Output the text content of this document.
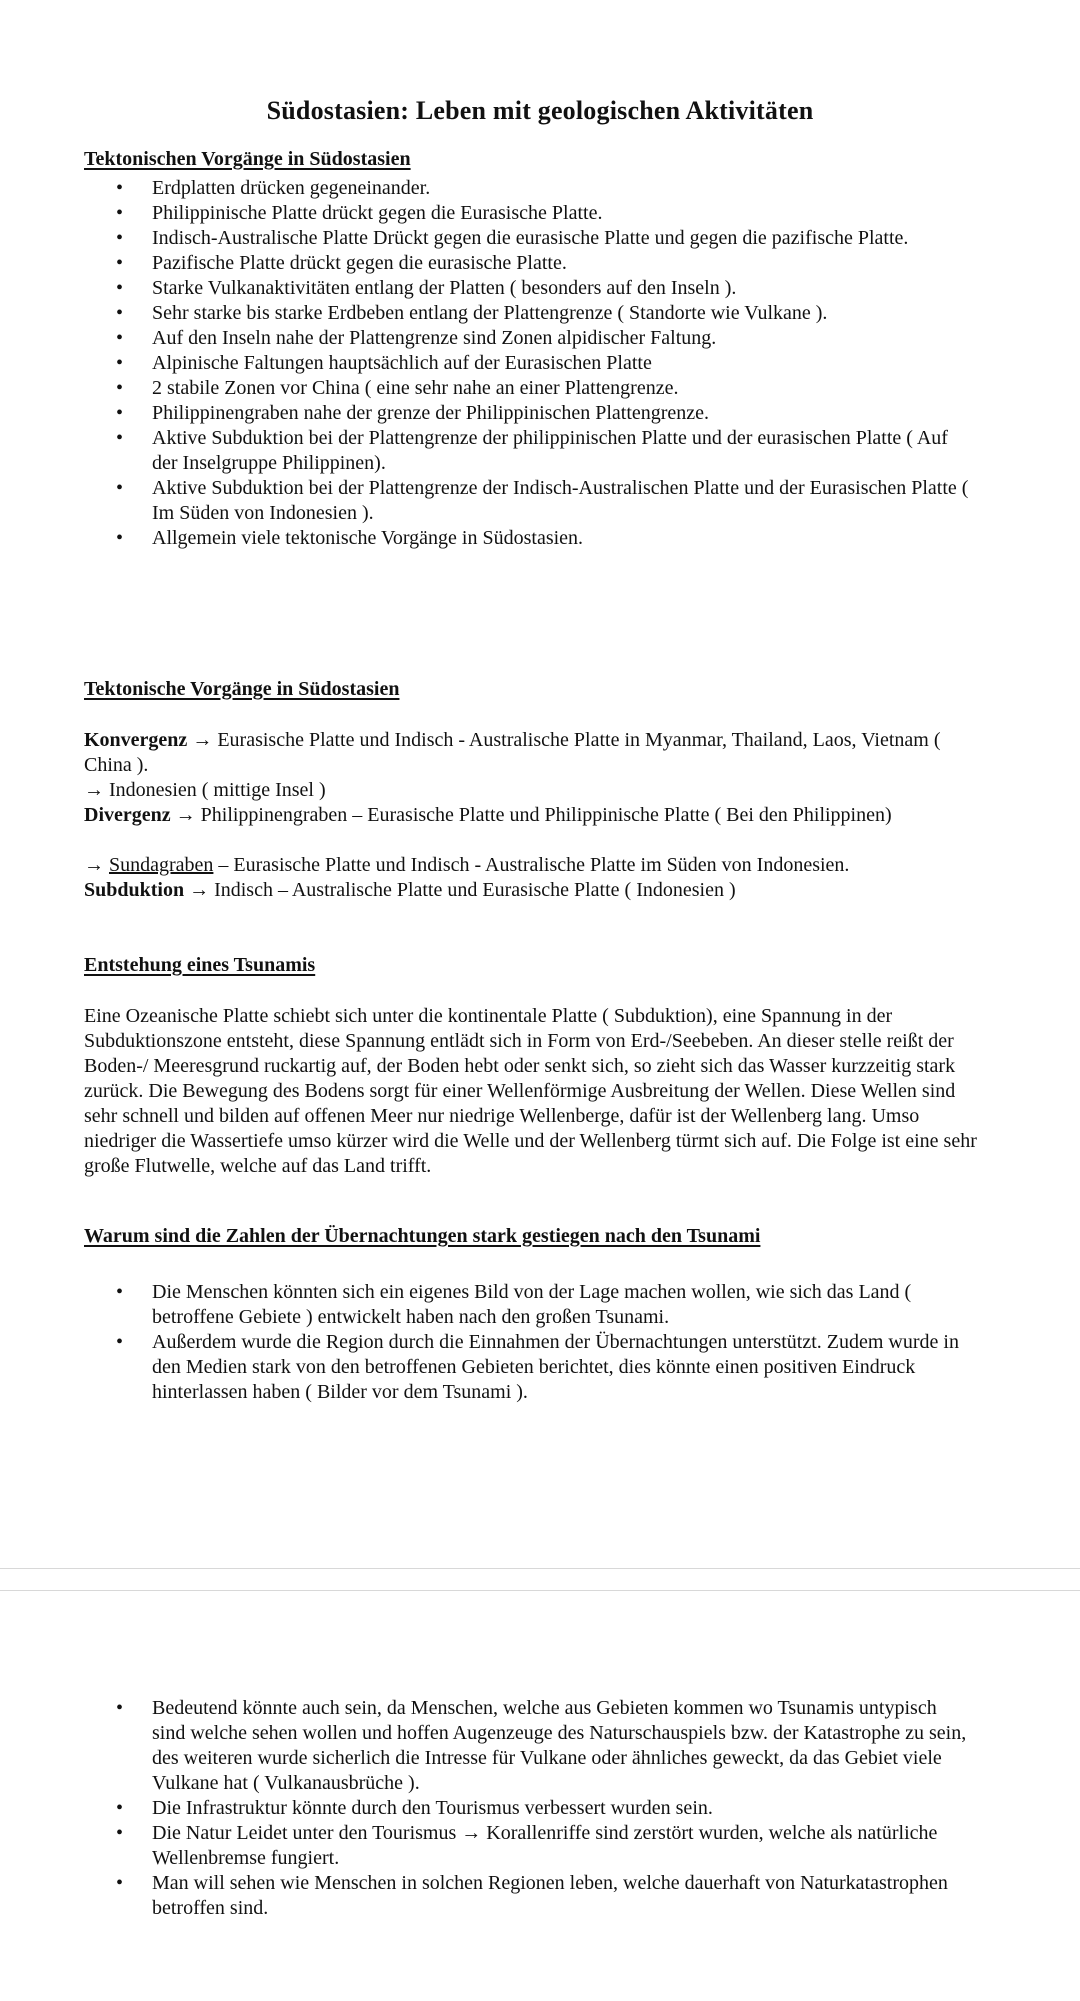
Südostasien: Leben mit geologischen Aktivitäten
Tektonischen Vorgänge in Südostasien
• Erdplatten drücken gegeneinander.
• Philippinische Platte drückt gegen die Eurasische Platte.
• Indisch-Australische Platte Drückt gegen die eurasische Platte und gegen die pazifische Platte.
• Pazifische Platte drückt gegen die eurasische Platte.
• Starke Vulkanaktivitäten entlang der Platten ( besonders auf den Inseln ).
• Sehr starke bis starke Erdbeben entlang der Plattengrenze ( Standorte wie Vulkane ).
• Auf den Inseln nahe der Plattengrenze sind Zonen alpidischer Faltung.
• Alpinische Faltungen hauptsächlich auf der Eurasischen Platte
• 2 stabile Zonen vor China ( eine sehr nahe an einer Plattengrenze.
• Philippinengraben nahe der grenze der Philippinischen Plattengrenze.
• Aktive Subduktion bei der Plattengrenze der philippinischen Platte und der eurasischen Platte ( Auf der Inselgruppe Philippinen).
• Aktive Subduktion bei der Plattengrenze der Indisch-Australischen Platte und der Eurasischen Platte ( Im Süden von Indonesien ).
• Allgemein viele tektonische Vorgänge in Südostasien.
Tektonische Vorgänge in Südostasien
Konvergenz → Eurasische Platte und Indisch - Australische Platte in Myanmar, Thailand, Laos, Vietnam ( China ).
→ Indonesien ( mittige Insel )
Divergenz → Philippinengraben – Eurasische Platte und Philippinische Platte ( Bei den Philippinen)
→ Sundagraben – Eurasische Platte und Indisch - Australische Platte im Süden von Indonesien.
Subduktion → Indisch – Australische Platte und Eurasische Platte ( Indonesien )
Entstehung eines Tsunamis
Eine Ozeanische Platte schiebt sich unter die kontinentale Platte ( Subduktion), eine Spannung in der Subduktionszone entsteht, diese Spannung entlädt sich in Form von Erd-/Seebeben. An dieser stelle reißt der Boden-/ Meeresgrund ruckartig auf, der Boden hebt oder senkt sich, so zieht sich das Wasser kurzzeitig stark zurück. Die Bewegung des Bodens sorgt für einer Wellenförmige Ausbreitung der Wellen. Diese Wellen sind sehr schnell und bilden auf offenen Meer nur niedrige Wellenberge, dafür ist der Wellenberg lang. Umso niedriger die Wassertiefe umso kürzer wird die Welle und der Wellenberg türmt sich auf. Die Folge ist eine sehr große Flutwelle, welche auf das Land trifft.
Warum sind die Zahlen der Übernachtungen stark gestiegen nach den Tsunami
• Die Menschen könnten sich ein eigenes Bild von der Lage machen wollen, wie sich das Land ( betroffene Gebiete ) entwickelt haben nach den großen Tsunami.
• Außerdem wurde die Region durch die Einnahmen der Übernachtungen unterstützt. Zudem wurde in den Medien stark von den betroffenen Gebieten berichtet, dies könnte einen positiven Eindruck hinterlassen haben ( Bilder vor dem Tsunami ).
• Bedeutend könnte auch sein, da Menschen, welche aus Gebieten kommen wo Tsunamis untypisch sind welche sehen wollen und hoffen Augenzeuge des Naturschauspiels bzw. der Katastrophe zu sein, des weiteren wurde sicherlich die Intresse für Vulkane oder ähnliches geweckt, da das Gebiet viele Vulkane hat ( Vulkanausbrüche ).
• Die Infrastruktur könnte durch den Tourismus verbessert wurden sein.
• Die Natur Leidet unter den Tourismus → Korallenriffe sind zerstört wurden, welche als natürliche Wellenbremse fungiert.
• Man will sehen wie Menschen in solchen Regionen leben, welche dauerhaft von Naturkatastrophen betroffen sind.
